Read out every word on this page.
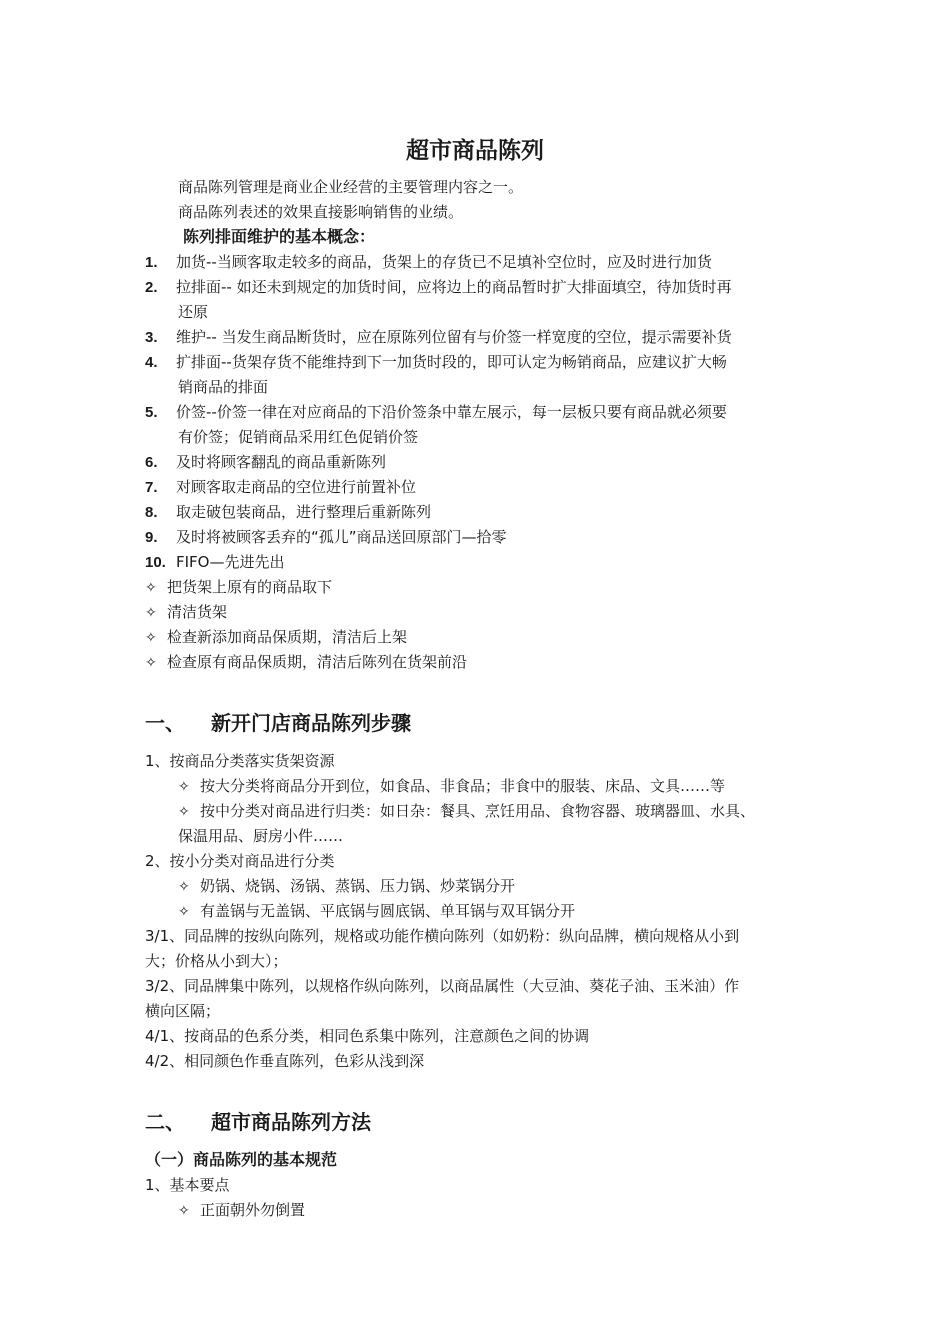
超市商品陈列
商品陈列管理是商业企业经营的主要管理内容之一。
商品陈列表述的效果直接影响销售的业绩。
陈列排面维护的基本概念：
1. 加货--当顾客取走较多的商品，货架上的存货已不足填补空位时，应及时进行加货
2. 拉排面-- 如还未到规定的加货时间，应将边上的商品暂时扩大排面填空，待加货时再
还原
3. 维护-- 当发生商品断货时，应在原陈列位留有与价签一样宽度的空位，提示需要补货
4. 扩排面--货架存货不能维持到下一加货时段的，即可认定为畅销商品，应建议扩大畅
销商品的排面
5. 价签--价签一律在对应商品的下沿价签条中靠左展示，每一层板只要有商品就必须要
有价签；促销商品采用红色促销价签
6. 及时将顾客翻乱的商品重新陈列
7. 对顾客取走商品的空位进行前置补位
8. 取走破包装商品，进行整理后重新陈列
9. 及时将被顾客丢弃的“孤儿”商品送回原部门—拾零
10. FIFO—先进先出
✧ 把货架上原有的商品取下
✧ 清洁货架
✧ 检查新添加商品保质期，清洁后上架
✧ 检查原有商品保质期，清洁后陈列在货架前沿
一、 新开门店商品陈列步骤
1、按商品分类落实货架资源
✧ 按大分类将商品分开到位，如食品、非食品；非食中的服装、床品、文具……等
✧ 按中分类对商品进行归类：如日杂：餐具、烹饪用品、食物容器、玻璃器皿、水具、
保温用品、厨房小件……
2、按小分类对商品进行分类
✧ 奶锅、烧锅、汤锅、蒸锅、压力锅、炒菜锅分开
✧ 有盖锅与无盖锅、平底锅与圆底锅、单耳锅与双耳锅分开
3/1、同品牌的按纵向陈列，规格或功能作横向陈列（如奶粉：纵向品牌，横向规格从小到
大；价格从小到大）；
3/2、同品牌集中陈列，以规格作纵向陈列，以商品属性（大豆油、葵花子油、玉米油）作
横向区隔；
4/1、按商品的色系分类，相同色系集中陈列，注意颜色之间的协调
4/2、相同颜色作垂直陈列，色彩从浅到深
二、 超市商品陈列方法
（一）商品陈列的基本规范
1、基本要点
✧ 正面朝外勿倒置
